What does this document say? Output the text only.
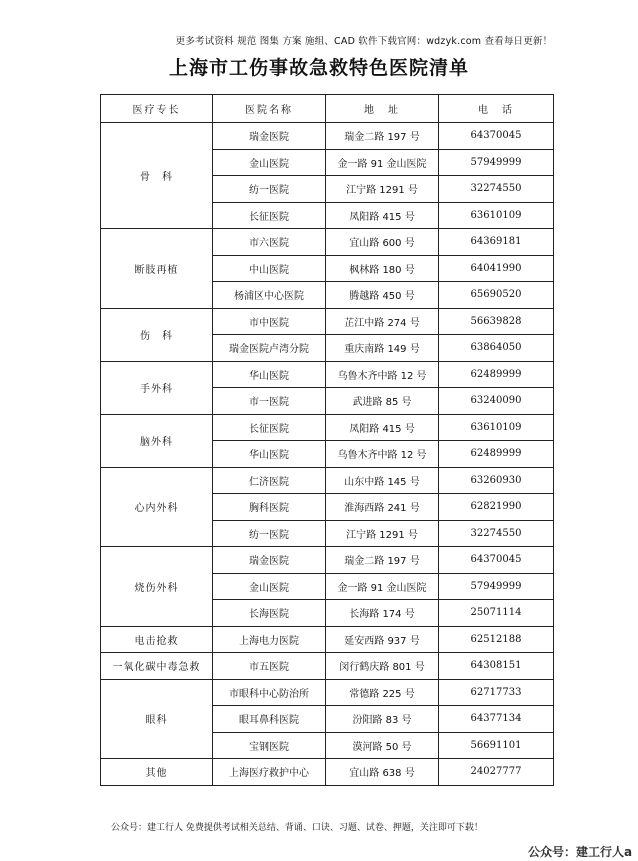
更多考试资料 规范 图集 方案 施组、CAD 软件下载官网：wdzyk.com 查看每日更新！
上海市工伤事故急救特色医院清单
医疗专长	医院名称	地　址	电　话
骨　科	瑞金医院	瑞金二路 197 号	64370045
	金山医院	金一路 91 金山医院	57949999
	纺一医院	江宁路 1291 号	32274550
	长征医院	凤阳路 415 号	63610109
断肢再植	市六医院	宜山路 600 号	64369181
	中山医院	枫林路 180 号	64041990
	杨浦区中心医院	腾越路 450 号	65690520
伤　科	市中医院	芷江中路 274 号	56639828
	瑞金医院卢湾分院	重庆南路 149 号	63864050
手外科	华山医院	乌鲁木齐中路 12 号	62489999
	市一医院	武进路 85 号	63240090
脑外科	长征医院	凤阳路 415 号	63610109
	华山医院	乌鲁木齐中路 12 号	62489999
心内外科	仁济医院	山东中路 145 号	63260930
	胸科医院	淮海西路 241 号	62821990
	纺一医院	江宁路 1291 号	32274550
烧伤外科	瑞金医院	瑞金二路 197 号	64370045
	金山医院	金一路 91 金山医院	57949999
	长海医院	长海路 174 号	25071114
电击抢救	上海电力医院	延安西路 937 号	62512188
一氧化碳中毒急救	市五医院	闵行鹤庆路 801 号	64308151
眼科	市眼科中心防治所	常德路 225 号	62717733
	眼耳鼻科医院	汾阳路 83 号	64377134
	宝钢医院	漠河路 50 号	56691101
其他	上海医疗救护中心	宜山路 638 号	24027777
公众号：建工行人 免费提供考试相关总结、背诵、口诀、习题、试卷、押题，关注即可下载！
公众号：建工行人a
